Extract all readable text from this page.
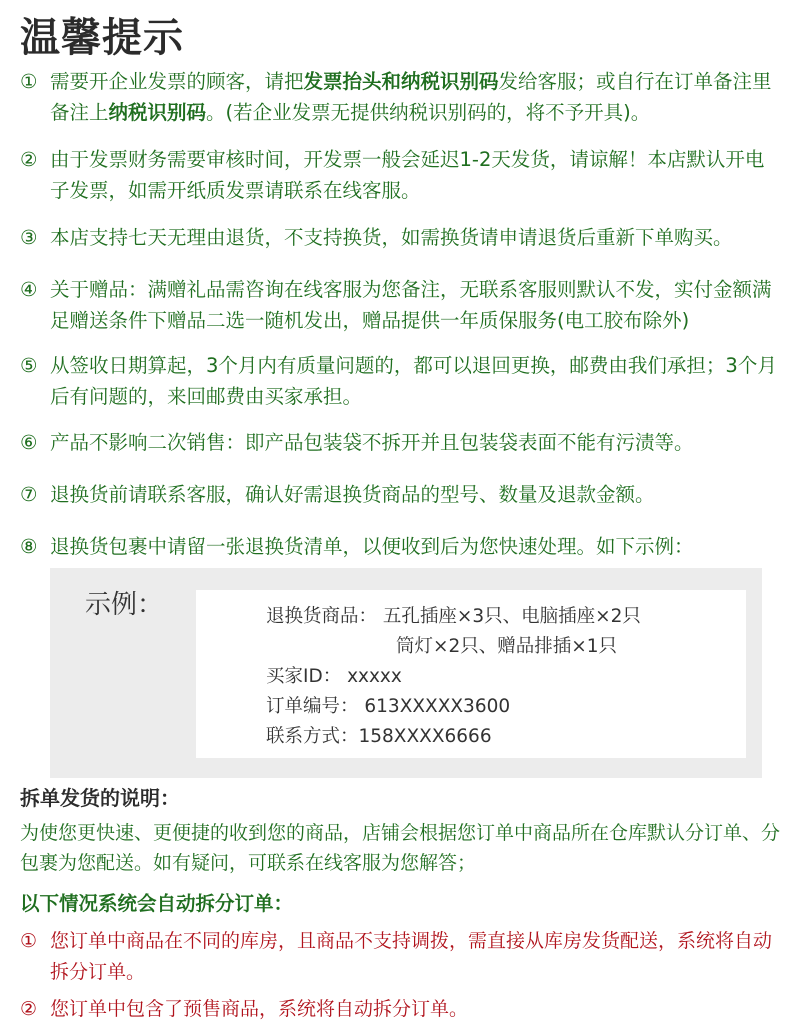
温馨提示
① 需要开企业发票的顾客，请把发票抬头和纳税识别码发给客服；或自行在订单备注里备注上纳税识别码。(若企业发票无提供纳税识别码的，将不予开具)。
② 由于发票财务需要审核时间，开发票一般会延迟1-2天发货，请谅解！本店默认开电子发票，如需开纸质发票请联系在线客服。
③ 本店支持七天无理由退货，不支持换货，如需换货请申请退货后重新下单购买。
④ 关于赠品：满赠礼品需咨询在线客服为您备注，无联系客服则默认不发，实付金额满足赠送条件下赠品二选一随机发出，赠品提供一年质保服务(电工胶布除外)
⑤ 从签收日期算起，3个月内有质量问题的，都可以退回更换，邮费由我们承担；3个月后有问题的，来回邮费由买家承担。
⑥ 产品不影响二次销售：即产品包装袋不拆开并且包装袋表面不能有污渍等。
⑦ 退换货前请联系客服，确认好需退换货商品的型号、数量及退款金额。
⑧ 退换货包裹中请留一张退换货清单，以便收到后为您快速处理。如下示例：
示例：	退换货商品： 五孔插座×3只、电脑插座×2只
筒灯×2只、赠品排插×1只
买家ID： xxxxx
订单编号： 613XXXXX3600
联系方式：158XXXX6666
拆单发货的说明：
为使您更快速、更便捷的收到您的商品，店铺会根据您订单中商品所在仓库默认分订单、分包裹为您配送。如有疑问，可联系在线客服为您解答；
以下情况系统会自动拆分订单：
① 您订单中商品在不同的库房，且商品不支持调拨，需直接从库房发货配送，系统将自动拆分订单。
② 您订单中包含了预售商品，系统将自动拆分订单。
